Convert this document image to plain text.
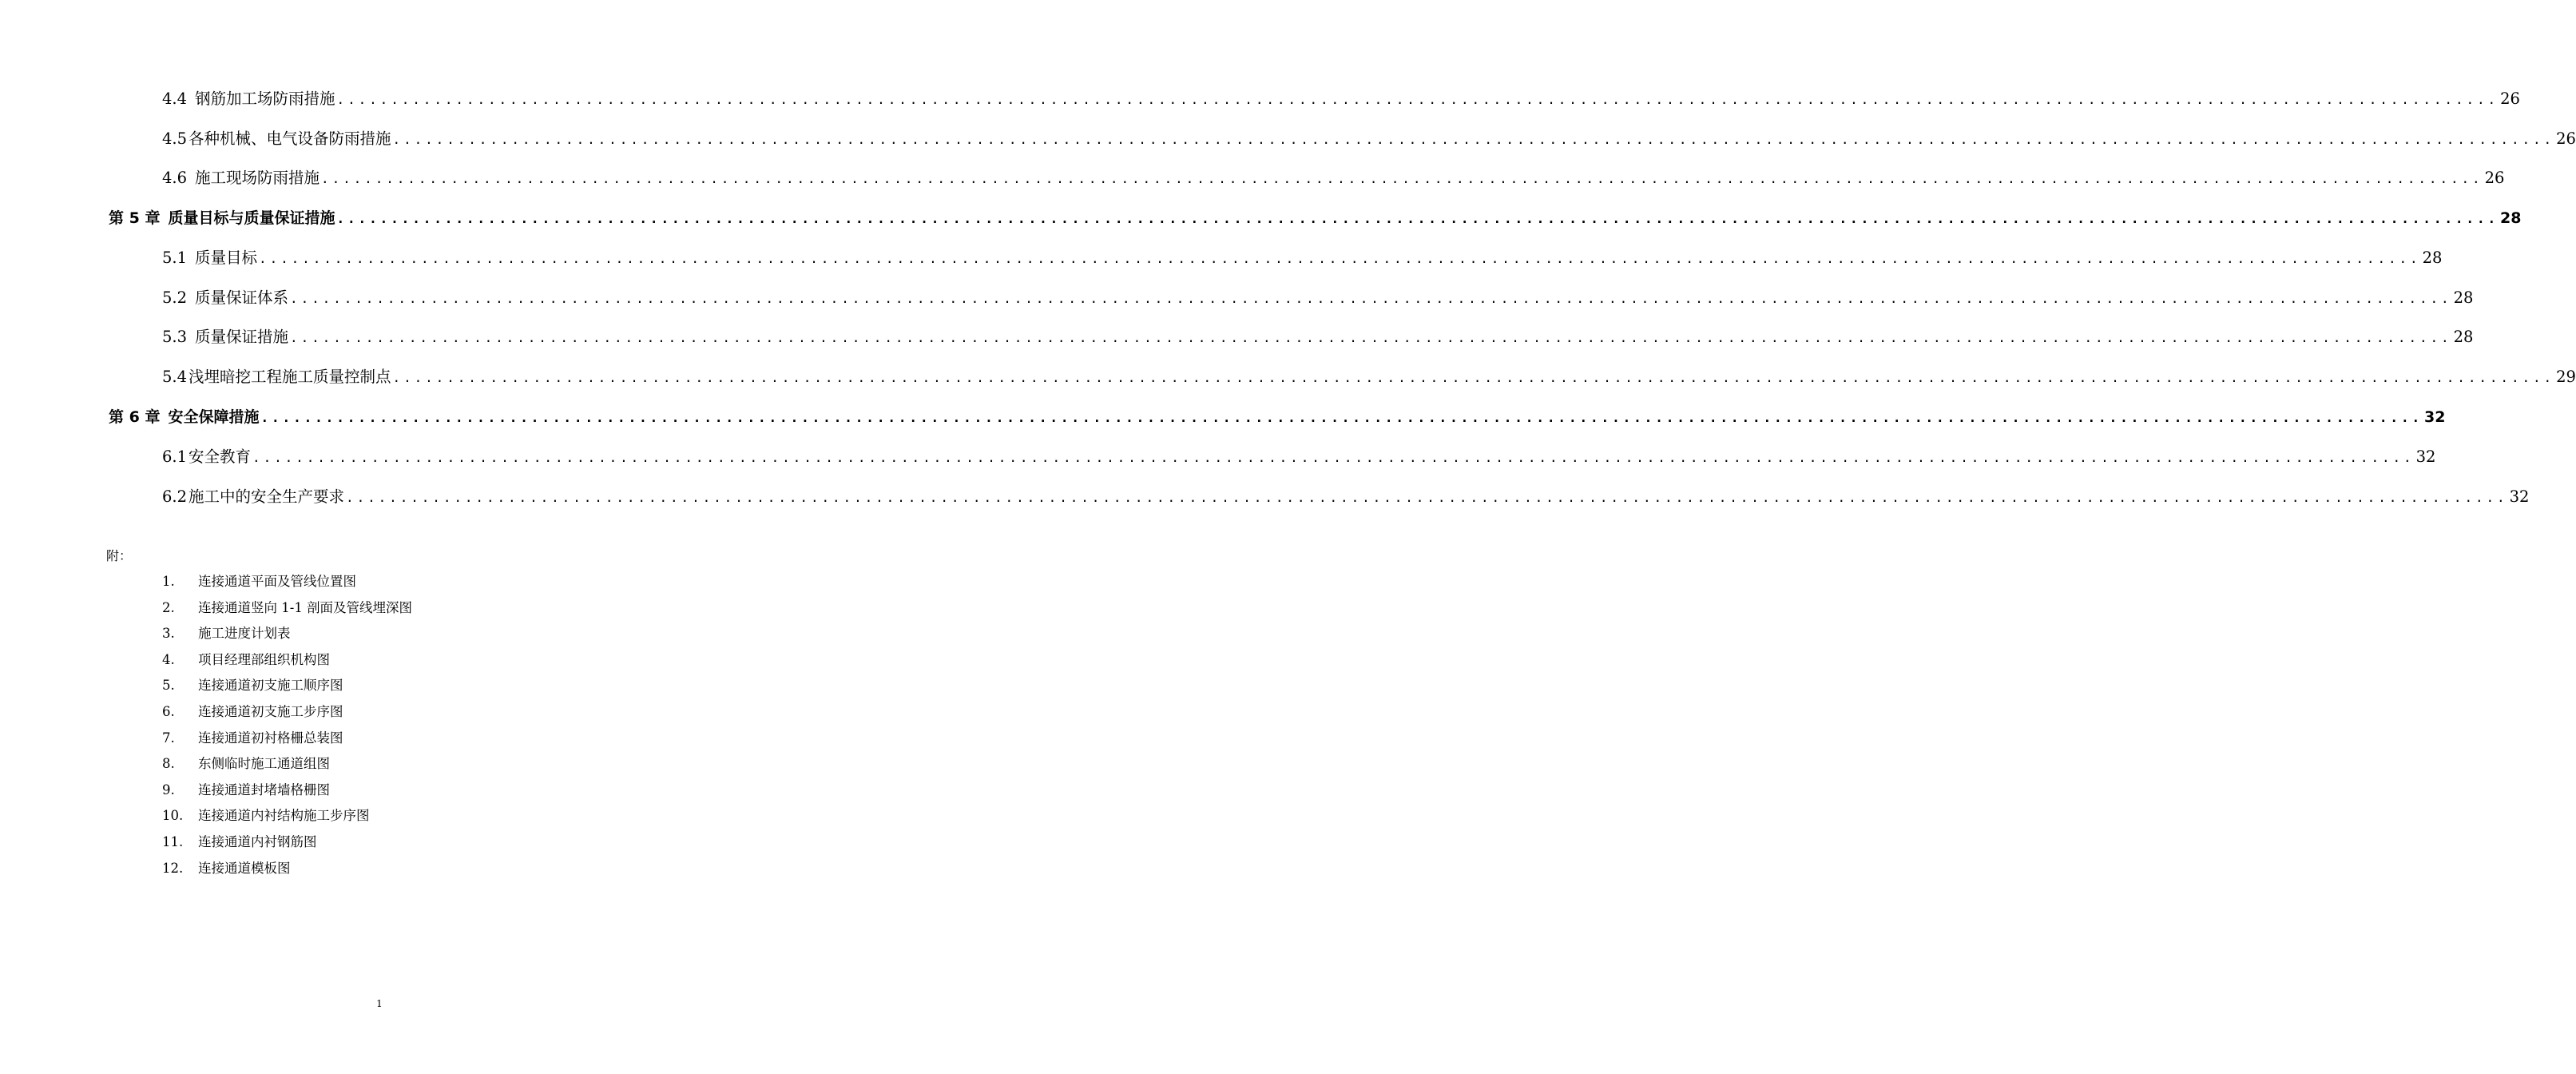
4.4 钢筋加工场防雨措施 ........................................................................................................................................................................................................ 26
4.5 各种机械、电气设备防雨措施 ........................................................................................................................................................................................................ 26
4.6 施工现场防雨措施 ........................................................................................................................................................................................................ 26
第 5 章 质量目标与质量保证措施 ........................................................................................................................................................................................................ 28
5.1 质量目标 ........................................................................................................................................................................................................ 28
5.2 质量保证体系 ........................................................................................................................................................................................................ 28
5.3 质量保证措施 ........................................................................................................................................................................................................ 28
5.4 浅埋暗挖工程施工质量控制点 ........................................................................................................................................................................................................ 29
第 6 章 安全保障措施 ........................................................................................................................................................................................................ 32
6.1 安全教育 ........................................................................................................................................................................................................ 32
6.2 施工中的安全生产要求 ........................................................................................................................................................................................................ 32
附：
1.	连接通道平面及管线位置图
2.	连接通道竖向 1-1 剖面及管线埋深图
3.	施工进度计划表
4.	项目经理部组织机构图
5.	连接通道初支施工顺序图
6.	连接通道初支施工步序图
7.	连接通道初衬格栅总装图
8.	东侧临时施工通道组图
9.	连接通道封堵墙格栅图
10.	连接通道内衬结构施工步序图
11.	连接通道内衬钢筋图
12.	连接通道模板图
1
